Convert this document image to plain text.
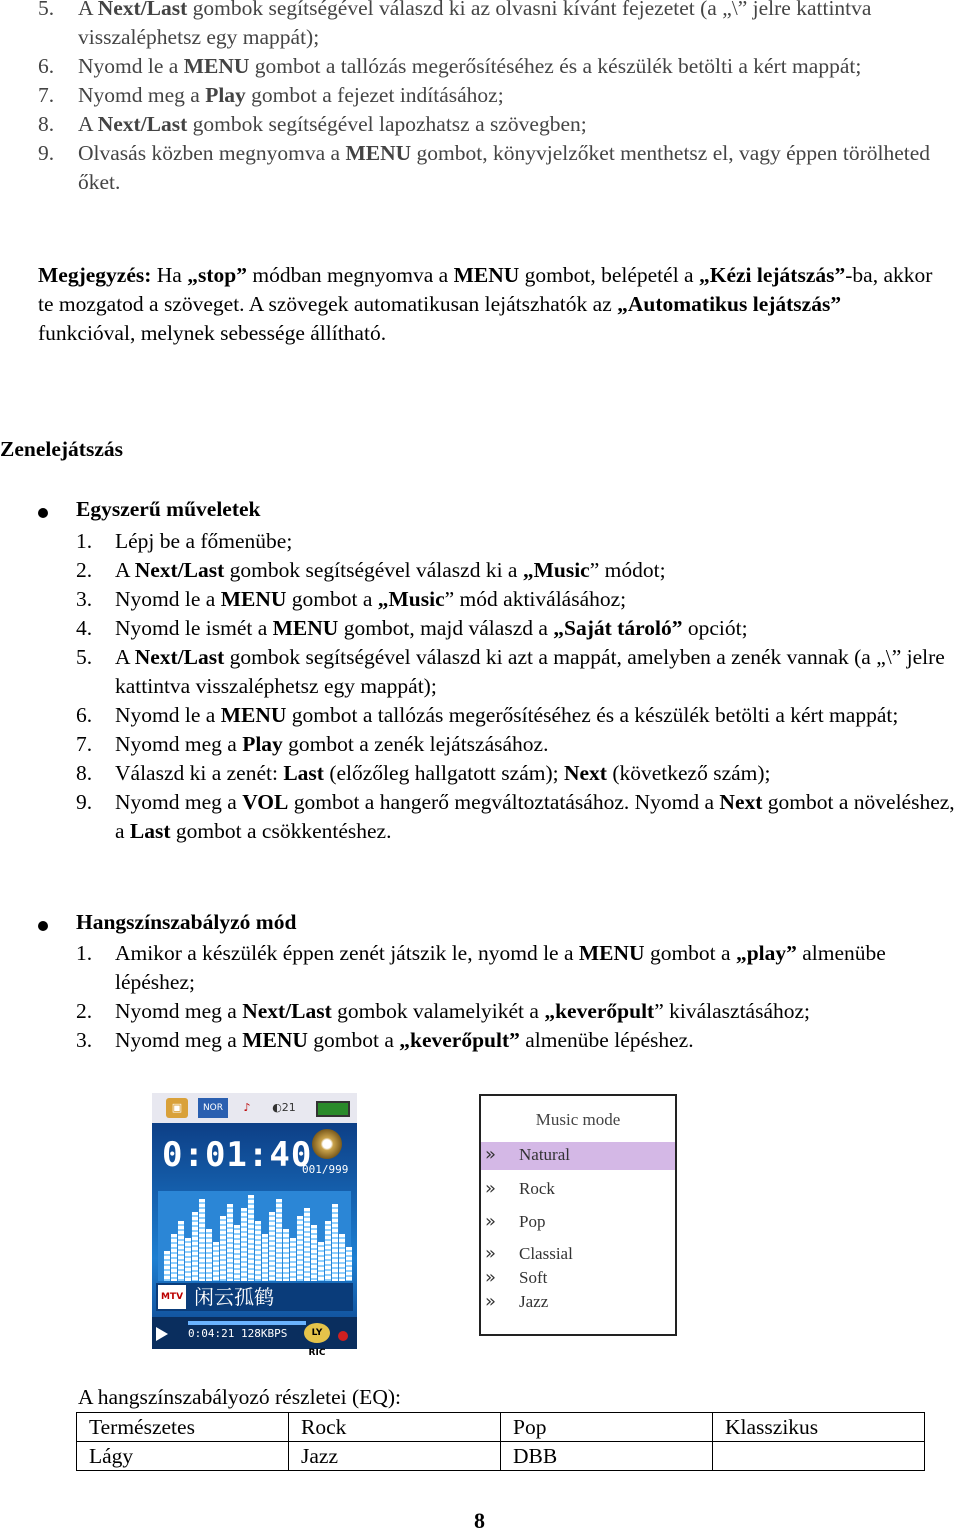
5. A Next/Last gombok segítségével válaszd ki az olvasni kívánt fejezetet (a „\” jelre kattintva visszaléphetsz egy mappát);
6. Nyomd le a MENU gombot a tallózás megerősítéséhez és a készülék betölti a kért mappát;
7. Nyomd meg a Play gombot a fejezet indításához;
8. A Next/Last gombok segítségével lapozhatsz a szövegben;
9. Olvasás közben megnyomva a MENU gombot, könyvjelzőket menthetsz el, vagy éppen törölheted őket.
Megjegyzés: Ha „stop” módban megnyomva a MENU gombot, belépetél a „Kézi lejátszás”-ba, akkor te mozgatod a szöveget. A szövegek automatikusan lejátszhatók az „Automatikus lejátszás” funkcióval, melynek sebessége állítható.
Zenelejátszás
Egyszerű műveletek
1. Lépj be a főmenübe;
2. A Next/Last gombok segítségével válaszd ki a „Music” módot;
3. Nyomd le a MENU gombot a „Music” mód aktiválásához;
4. Nyomd le ismét a MENU gombot, majd válaszd a „Saját tároló” opciót;
5. A Next/Last gombok segítségével válaszd ki azt a mappát, amelyben a zenék vannak (a „\” jelre kattintva visszaléphetsz egy mappát);
6. Nyomd le a MENU gombot a tallózás megerősítéséhez és a készülék betölti a kért mappát;
7. Nyomd meg a Play gombot a zenék lejátszásához.
8. Válaszd ki a zenét: Last (előzőleg hallgatott szám); Next (következő szám);
9. Nyomd meg a VOL gombot a hangerő megváltoztatásához. Nyomd a Next gombot a növeléshez, a Last gombot a csökkentéshez.
Hangszínszabályzó mód
1. Amikor a készülék éppen zenét játszik le, nyomd le a MENU gombot a „play” almenübe lépéshez;
2. Nyomd meg a Next/Last gombok valamelyikét a „keverőpult” kiválasztásához;
3. Nyomd meg a MENU gombot a „keverőpult” almenübe lépéshez.
▣	NOR	♪	◐21
0:01:40
001/999
闲云孤鹤
MTV
0:04:21 128KBPS	LY RIC
Music mode
» Natural
» Rock
» Pop
» Classial
» Soft
» Jazz
A hangszínszabályozó részletei (EQ):
Természetes	Rock	Pop	Klasszikus
Lágy	Jazz	DBB	
8
